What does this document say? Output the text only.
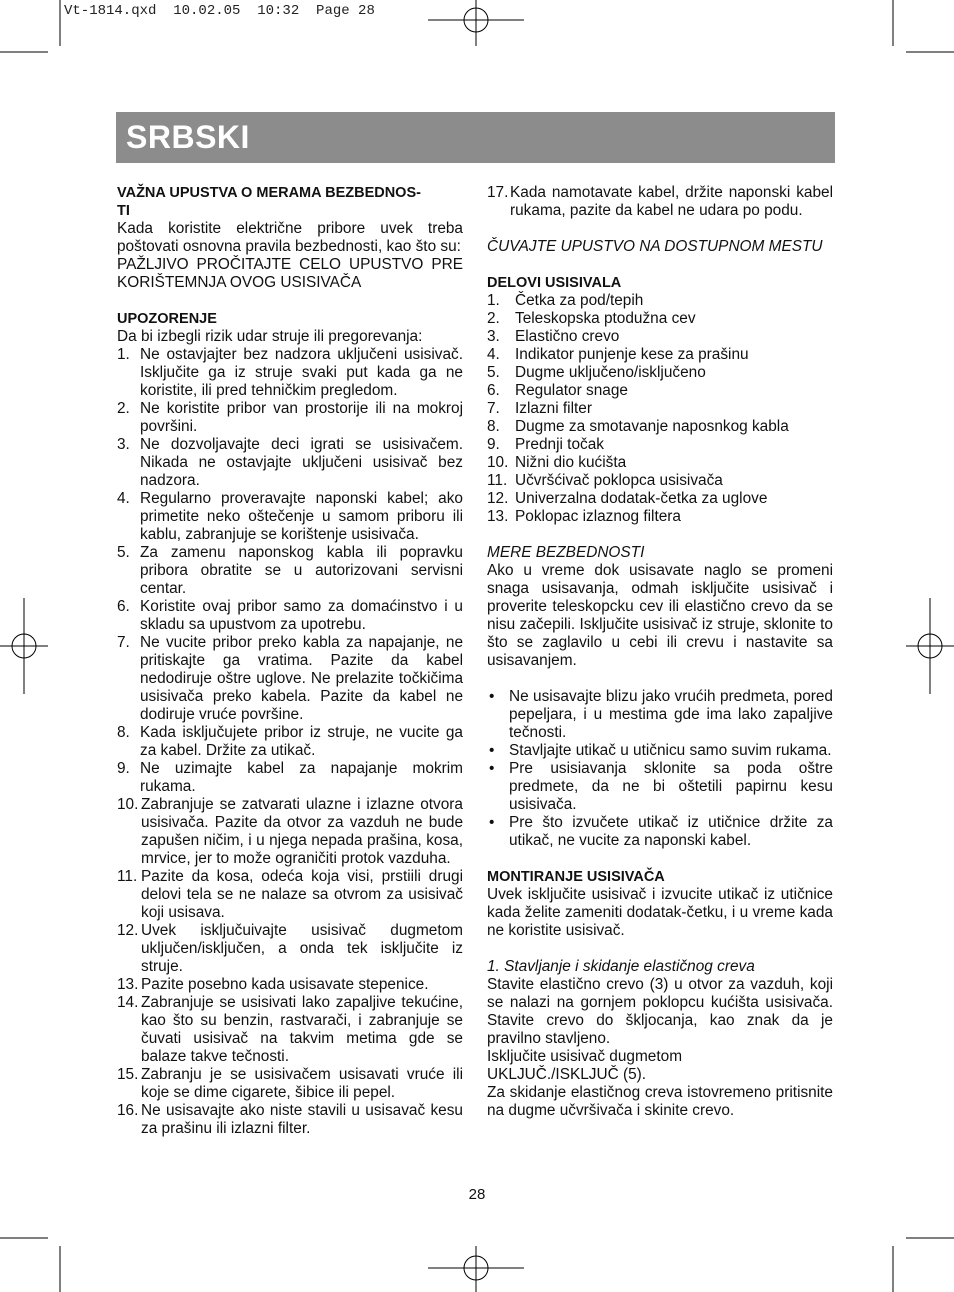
Vt-1814.qxd  10.02.05  10:32  Page 28
SRBSKI

VAŽNA UPUSTVA O MERAMA BEZBEDNOS-
TI

Kada koristite električne pribore uvek treba poštovati osnovna pravila bezbednosti, kao što su:

PAŽLJIVO PROČITAJTE CELO UPUSTVO PRE KORIŠTEMNJA OVOG USISIVAČA

UPOZORENJE

Da bi izbegli rizik udar struje ili pregorevanja:

1. Ne ostavjajter bez nadzora uključeni usisivač. Isključite ga iz struje svaki put kada ga ne koristite, ili pred tehničkim pregledom.
2. Ne koristite pribor van prostorije ili na mokroj površini.
3. Ne dozvoljavajte deci igrati se usisivačem. Nikada ne ostavjajte uključeni usisivač bez nadzora.
4. Regularno proveravajte naponski kabel; ako primetite neko oštečenje u samom priboru ili kablu, zabranjuje se korištenje usisivača.
5. Za zamenu naponskog kabla ili popravku pribora obratite se u autorizovani servisni centar.
6. Koristite ovaj pribor samo za domaćinstvo i u skladu sa upustvom za upotrebu.
7. Ne vucite pribor preko kabla za napajanje, ne pritiskajte ga vratima. Pazite da kabel nedodiruje oštre uglove. Ne prelazite točkičima usisivača preko kabela. Pazite da kabel ne dodiruje vruće površine.
8. Kada isključujete pribor iz struje, ne vucite ga za kabel. Držite za utikač.
9. Ne uzimajte kabel za napajanje mokrim rukama.
10. Zabranjuje se zatvarati ulazne i izlazne otvora usisivača. Pazite da otvor za vazduh ne bude zapušen ničim, i u njega nepada prašina, kosa, mrvice, jer to može ograničiti protok vazduha.
11. Pazite da kosa, odeća koja visi, prstiili drugi delovi tela se ne nalaze sa otvrom za usisivač koji usisava.
12. Uvek isključuivajte usisivač dugmetom uključen/isključen, a onda tek isključite iz struje.
13. Pazite posebno kada usisavate stepenice.
14. Zabranjuje se usisivati lako zapaljive tekućine, kao što su benzin, rastvarači, i zabranjuje se čuvati usisivač na takvim metima gde se balaze takve tečnosti.
15. Zabranju je se usisivačem usisavati vruće ili koje se dime cigarete, šibice ili pepel.
16. Ne usisavajte ako niste stavili u usisavač kesu za prašinu ili izlazni filter.
17. Kada namotavate kabel, držite naponski kabel rukama, pazite da kabel ne udara po podu.

ČUVAJTE UPUSTVO NA DOSTUPNOM MESTU

DELOVI USISIVALA

1. Četka za pod/tepih
2. Teleskopska ptodužna cev
3. Elastično crevo
4. Indikator punjenje kese za prašinu
5. Dugme uključeno/isključeno
6. Regulator snage
7. Izlazni filter
8. Dugme za smotavanje naposnkog kabla
9. Prednji točak
10. Nižni dio kućišta
11. Učvršćivač poklopca usisivača
12. Univerzalna dodatak-četka za uglove
13. Poklopac izlaznog filtera

MERE BEZBEDNOSTI

Ako u vreme dok usisavate naglo se promeni snaga usisavanja, odmah isključite usisivač i proverite teleskopcku cev ili elastično crevo da se nisu začepili. Isključite usisivač iz struje, sklonite to što se zaglavilo u cebi ili crevu i nastavite sa usisavanjem.

• Ne usisavajte blizu jako vrućih predmeta, pored pepeljara, i u mestima gde ima lako zapaljive tečnosti.
• Stavljajte utikač u utičnicu samo suvim rukama.
• Pre usisiavanja sklonite sa poda oštre predmete, da ne bi oštetili papirnu kesu usisivača.
• Pre što izvučete utikač iz utičnice držite za utikač, ne vucite za naponski kabel.

MONTIRANJE USISIVAČA

Uvek isključite usisivač i izvucite utikač iz utičnice kada želite zameniti dodatak-četku, i u vreme kada ne koristite usisivač.

1. Stavljanje i skidanje elastičnog creva

Stavite elastično crevo (3) u otvor za vazduh, koji se nalazi na gornjem poklopcu kućišta usisivača. Stavite crevo do škljocanja, kao znak da je pravilno stavljeno.

Isključite usisivač dugmetom

UKLJUČ./ISKLJUČ (5).

Za skidanje elastičnog creva istovremeno pritisnite na dugme učvršivača i skinite crevo.

28
